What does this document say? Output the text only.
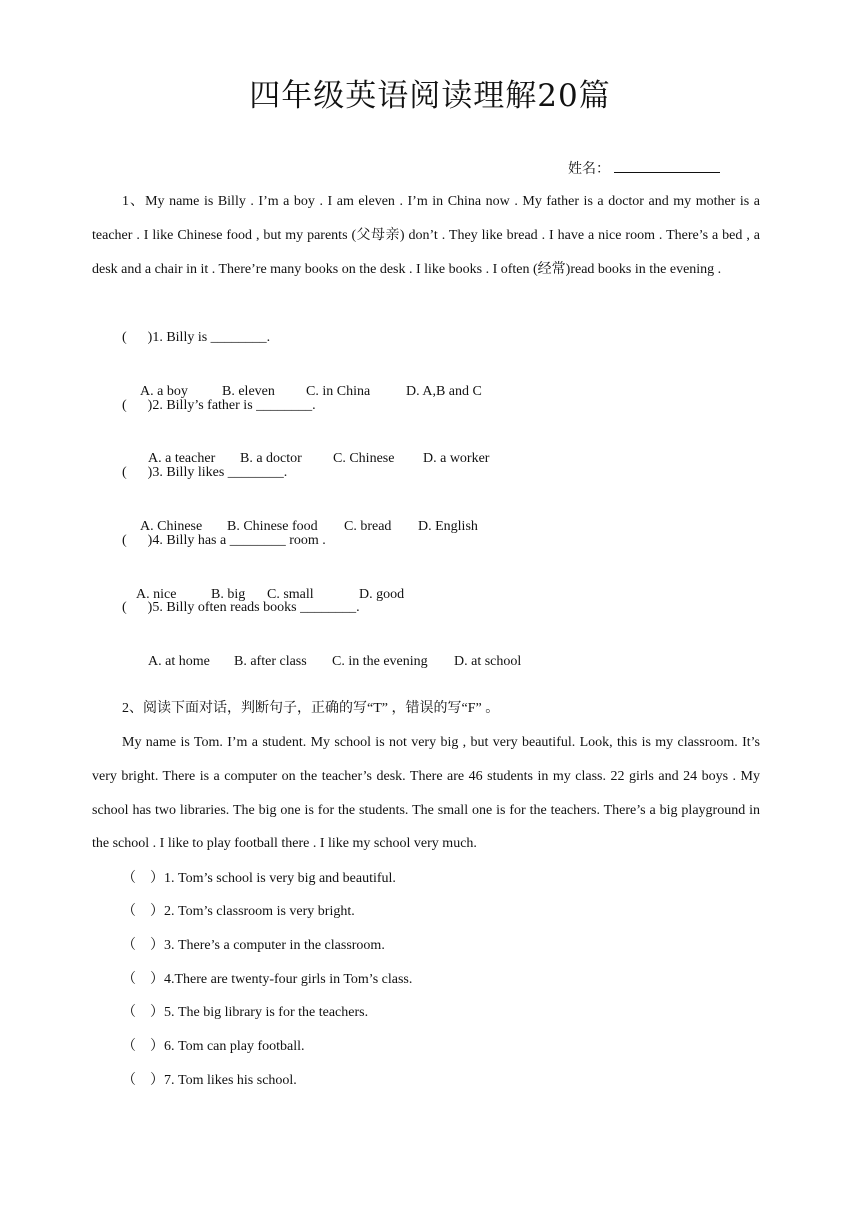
四年级英语阅读理解20篇
姓名：
1、My name is Billy . I’m a boy . I am eleven . I’m in China now . My father is a doctor and my mother is a teacher . I like Chinese food , but my parents (父母亲) don’t . They like bread . I have a nice room . There’s a bed , a desk and a chair in it . There’re many books on the desk . I like books . I often (经常)read books in the evening .
(      )1. Billy is ________.

A. a boy B. eleven C. in China	D. A,B and C

(      )2. Billy’s father is ________.

A. a teacher B. a doctor C. Chinese D. a worker

(      )3. Billy likes ________.

A. Chinese B. Chinese food C. bread D. English

(      )4. Billy has a ________ room .

A. nice B. big C. small	D. good

(      )5. Billy often reads books ________.

A. at home B. after class C. in the evening D. at school

2、阅读下面对话，判断句子，正确的写“T” ，错误的写“F” 。
My name is Tom. I’m a student. My school is not very big , but very beautiful. Look, this is my classroom. It’s very bright. There is a computer on the teacher’s desk. There are 46 students in my class. 22 girls and 24 boys . My school has two libraries. The big one is for the students. The small one is for the teachers. There’s a big playground in the school . I like to play football there . I like my school very much.
（    ）1. Tom’s school is very big and beautiful.
（    ）2. Tom’s classroom is very bright.
（    ）3. There’s a computer in the classroom.
（    ）4.There are twenty-four girls in Tom’s class.
（    ）5. The big library is for the teachers.
（    ）6. Tom can play football.
（    ）7. Tom likes his school.
